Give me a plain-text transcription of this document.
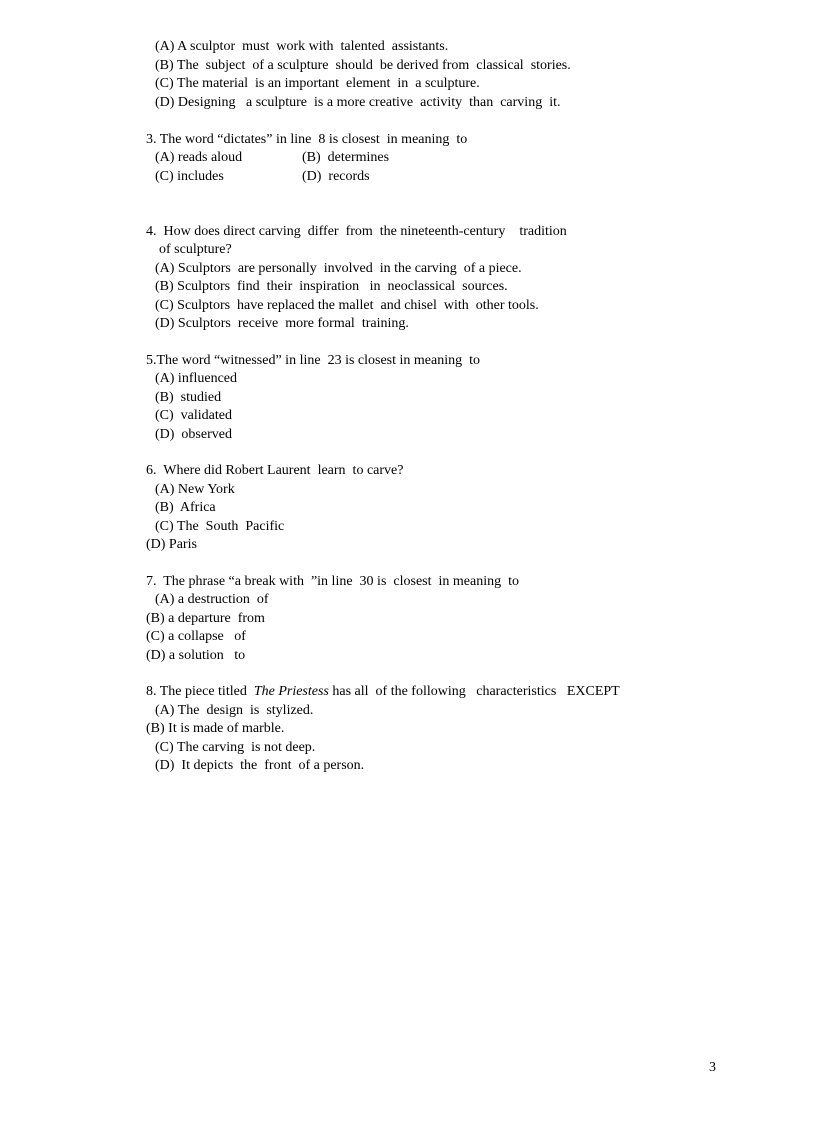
(A) A sculptor  must  work with  talented  assistants.
(B) The  subject  of a sculpture  should  be derived from  classical  stories.
(C) The material  is an important  element  in  a sculpture.
(D) Designing   a sculpture  is a more creative  activity  than  carving  it.
3. The word “dictates” in line  8 is closest  in meaning  to
(A) reads aloud	(B)  determines
(C) includes	(D)  records
4.  How does direct carving  differ  from  the nineteenth-century    tradition
of sculpture?
(A) Sculptors  are personally  involved  in the carving  of a piece.
(B) Sculptors  find  their  inspiration   in  neoclassical  sources.
(C) Sculptors  have replaced the mallet  and chisel  with  other tools.
(D) Sculptors  receive  more formal  training.
5.The word “witnessed” in line  23 is closest in meaning  to
(A) influenced
(B)  studied
(C)  validated
(D)  observed
6.  Where did Robert Laurent  learn  to carve?
(A) New York
(B)  Africa
(C) The  South  Pacific
(D) Paris
7.  The phrase “a break with  ”in line  30 is  closest  in meaning  to
(A) a destruction  of
(B) a departure  from
(C) a collapse   of
(D) a solution   to
8. The piece titled  The Priestess has all  of the following   characteristics   EXCEPT
(A) The  design  is  stylized.
(B) It is made of marble.
(C) The carving  is not deep.
(D)  It depicts  the  front  of a person.
3
